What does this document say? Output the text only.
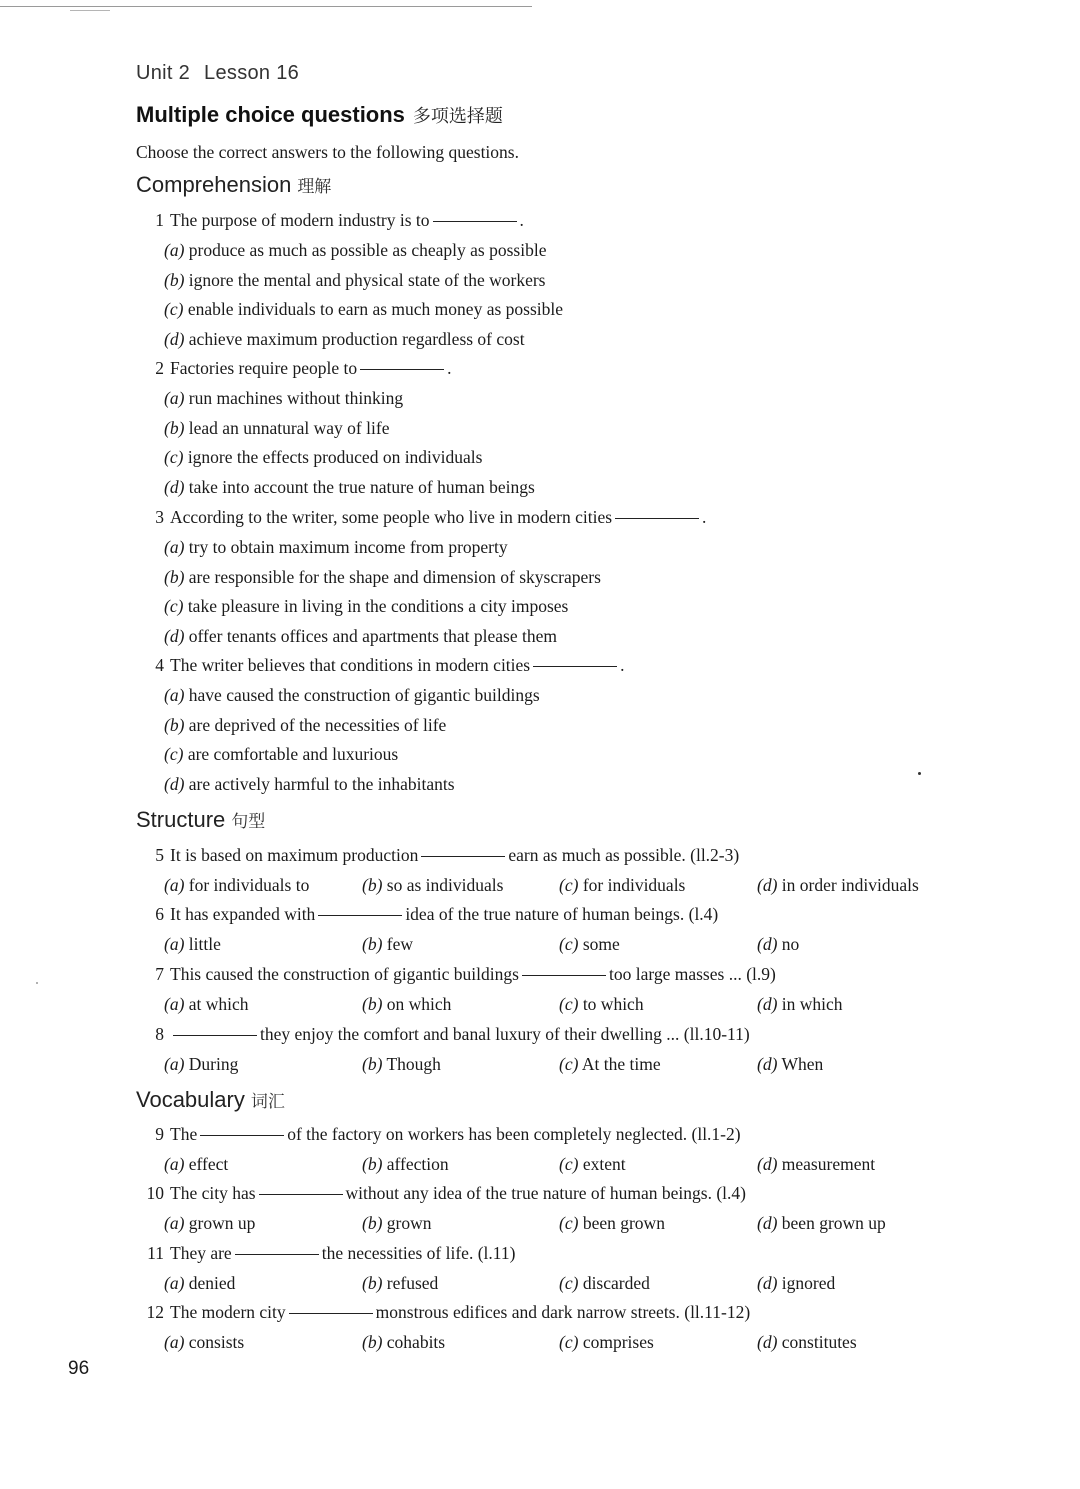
Unit 2 Lesson 16
Multiple choice questions 多项选择题
Choose the correct answers to the following questions.
Comprehension 理解
1 The purpose of modern industry is to	.
(a) produce as much as possible as cheaply as possible
(b) ignore the mental and physical state of the workers
(c) enable individuals to earn as much money as possible
(d) achieve maximum production regardless of cost
2 Factories require people to	.
(a) run machines without thinking
(b) lead an unnatural way of life
(c) ignore the effects produced on individuals
(d) take into account the true nature of human beings
3 According to the writer, some people who live in modern cities	.
(a) try to obtain maximum income from property
(b) are responsible for the shape and dimension of skyscrapers
(c) take pleasure in living in the conditions a city imposes
(d) offer tenants offices and apartments that please them
4 The writer believes that conditions in modern cities	.
(a) have caused the construction of gigantic buildings
(b) are deprived of the necessities of life
(c) are comfortable and luxurious
(d) are actively harmful to the inhabitants
Structure 句型
5 It is based on maximum production	earn as much as possible. (ll.2-3)
(a) for individuals to	(b) so as individuals	(c) for individuals	(d) in order individuals
6 It has expanded with	idea of the true nature of human beings. (l.4)
(a) little	(b) few	(c) some	(d) no
7 This caused the construction of gigantic buildings	too large masses ... (l.9)
(a) at which	(b) on which	(c) to which	(d) in which
8	they enjoy the comfort and banal luxury of their dwelling ... (ll.10-11)
(a) During	(b) Though	(c) At the time	(d) When
Vocabulary 词汇
9 The	of the factory on workers has been completely neglected. (ll.1-2)
(a) effect	(b) affection	(c) extent	(d) measurement
10 The city has	without any idea of the true nature of human beings. (l.4)
(a) grown up	(b) grown	(c) been grown	(d) been grown up
11 They are	the necessities of life. (l.11)
(a) denied	(b) refused	(c) discarded	(d) ignored
12 The modern city	monstrous edifices and dark narrow streets. (ll.11-12)
(a) consists	(b) cohabits	(c) comprises	(d) constitutes
96
